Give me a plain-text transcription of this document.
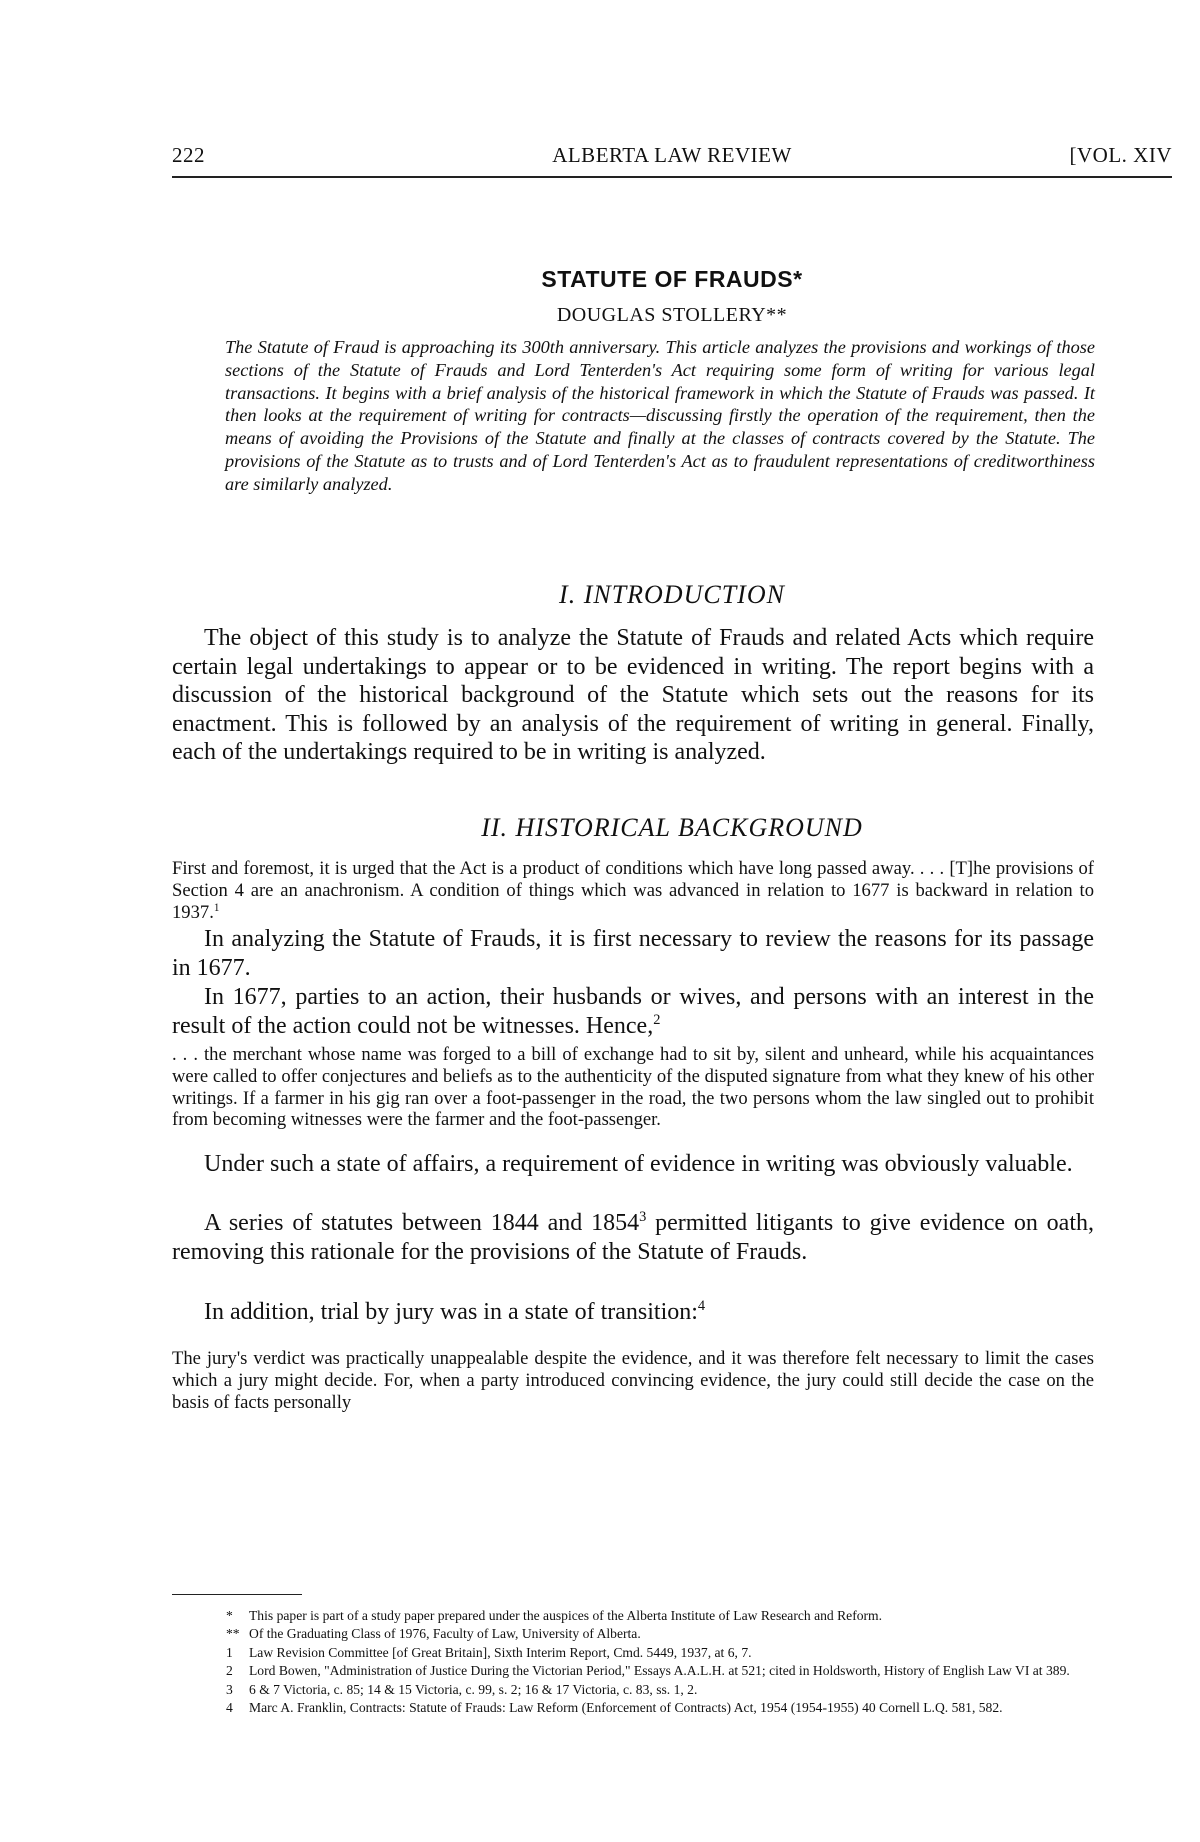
222	ALBERTA LAW REVIEW	[VOL. XIV
STATUTE OF FRAUDS*
DOUGLAS STOLLERY**

The Statute of Fraud is approaching its 300th anniversary. This article analyzes the provisions and workings of those sections of the Statute of Frauds and Lord Tenterden's Act requiring some form of writing for various legal transactions. It begins with a brief analysis of the historical framework in which the Statute of Frauds was passed. It then looks at the requirement of writing for contracts—discussing firstly the operation of the requirement, then the means of avoiding the Provisions of the Statute and finally at the classes of contracts covered by the Statute. The provisions of the Statute as to trusts and of Lord Tenterden's Act as to fraudulent representations of creditworthiness are similarly analyzed.

I. INTRODUCTION

The object of this study is to analyze the Statute of Frauds and related Acts which require certain legal undertakings to appear or to be evidenced in writing. The report begins with a discussion of the historical background of the Statute which sets out the reasons for its enactment. This is followed by an analysis of the requirement of writing in general. Finally, each of the undertakings required to be in writing is analyzed.

II. HISTORICAL BACKGROUND

First and foremost, it is urged that the Act is a product of conditions which have long passed away. . . . [T]he provisions of Section 4 are an anachronism. A condition of things which was advanced in relation to 1677 is backward in relation to 1937.$^1$

In analyzing the Statute of Frauds, it is first necessary to review the reasons for its passage in 1677.

In 1677, parties to an action, their husbands or wives, and persons with an interest in the result of the action could not be witnesses. Hence,$^2$

. . . the merchant whose name was forged to a bill of exchange had to sit by, silent and unheard, while his acquaintances were called to offer conjectures and beliefs as to the authenticity of the disputed signature from what they knew of his other writings. If a farmer in his gig ran over a foot-passenger in the road, the two persons whom the law singled out to prohibit from becoming witnesses were the farmer and the foot-passenger.

Under such a state of affairs, a requirement of evidence in writing was obviously valuable.

A series of statutes between 1844 and 1854$^3$ permitted litigants to give evidence on oath, removing this rationale for the provisions of the Statute of Frauds.

In addition, trial by jury was in a state of transition:$^4$

The jury's verdict was practically unappealable despite the evidence, and it was therefore felt necessary to limit the cases which a jury might decide. For, when a party introduced convincing evidence, the jury could still decide the case on the basis of facts personally

*	This paper is part of a study paper prepared under the auspices of the Alberta Institute of Law Research and Reform.
** Of the Graduating Class of 1976, Faculty of Law, University of Alberta.
1	Law Revision Committee [of Great Britain], Sixth Interim Report, Cmd. 5449, 1937, at 6, 7.
2	Lord Bowen, "Administration of Justice During the Victorian Period," Essays A.A.L.H. at 521; cited in Holdsworth, History of English Law VI at 389.
3	6 & 7 Victoria, c. 85; 14 & 15 Victoria, c. 99, s. 2; 16 & 17 Victoria, c. 83, ss. 1, 2.
4	Marc A. Franklin, Contracts: Statute of Frauds: Law Reform (Enforcement of Contracts) Act, 1954 (1954-1955) 40 Cornell L.Q. 581, 582.
